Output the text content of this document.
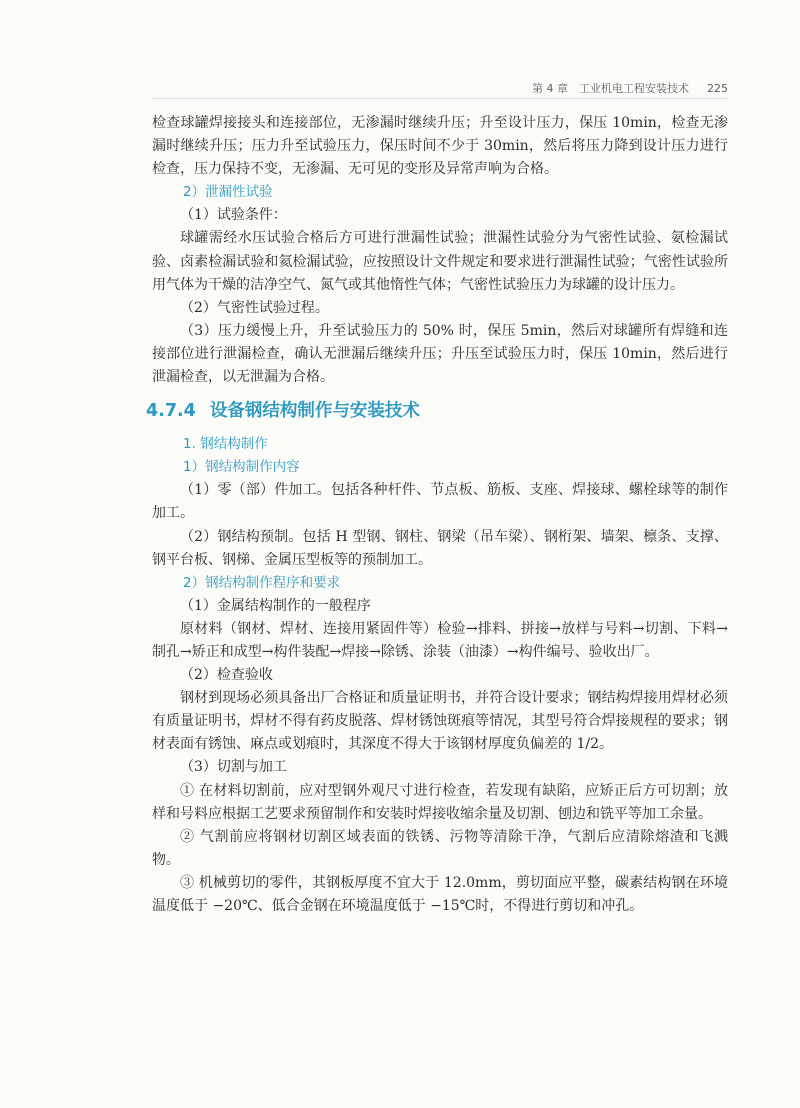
第 4 章　工业机电工程安装技术 225

检查球罐焊接接头和连接部位，无渗漏时继续升压；升至设计压力，保压 10min，检查无渗漏时继续升压；压力升至试验压力，保压时间不少于 30min，然后将压力降到设计压力进行检查，压力保持不变，无渗漏、无可见的变形及异常声响为合格。

2）泄漏性试验

（1）试验条件：

球罐需经水压试验合格后方可进行泄漏性试验；泄漏性试验分为气密性试验、氨检漏试验、卤素检漏试验和氦检漏试验，应按照设计文件规定和要求进行泄漏性试验；气密性试验所用气体为干燥的洁净空气、氮气或其他惰性气体；气密性试验压力为球罐的设计压力。

（2）气密性试验过程。

（3）压力缓慢上升，升至试验压力的 50% 时，保压 5min，然后对球罐所有焊缝和连接部位进行泄漏检查，确认无泄漏后继续升压；升压至试验压力时，保压 10min，然后进行泄漏检查，以无泄漏为合格。

4.7.4 设备钢结构制作与安装技术
1. 钢结构制作
1）钢结构制作内容

（1）零（部）件加工。包括各种杆件、节点板、筋板、支座、焊接球、螺栓球等的制作加工。

（2）钢结构预制。包括 H 型钢、钢柱、钢梁（吊车梁）、钢桁架、墙架、檩条、支撑、钢平台板、钢梯、金属压型板等的预制加工。

2）钢结构制作程序和要求

（1）金属结构制作的一般程序

原材料（钢材、焊材、连接用紧固件等）检验→排料、拼接→放样与号料→切割、下料→制孔→矫正和成型→构件装配→焊接→除锈、涂装（油漆）→构件编号、验收出厂。

（2）检查验收

钢材到现场必须具备出厂合格证和质量证明书，并符合设计要求；钢结构焊接用焊材必须有质量证明书，焊材不得有药皮脱落、焊材锈蚀斑痕等情况，其型号符合焊接规程的要求；钢材表面有锈蚀、麻点或划痕时，其深度不得大于该钢材厚度负偏差的 1/2。

（3）切割与加工

① 在材料切割前，应对型钢外观尺寸进行检查，若发现有缺陷，应矫正后方可切割；放样和号料应根据工艺要求预留制作和安装时焊接收缩余量及切割、刨边和铣平等加工余量。

② 气割前应将钢材切割区域表面的铁锈、污物等清除干净，气割后应清除熔渣和飞溅物。

③ 机械剪切的零件，其钢板厚度不宜大于 12.0mm，剪切面应平整，碳素结构钢在环境温度低于 −20℃、低合金钢在环境温度低于 −15℃时，不得进行剪切和冲孔。
